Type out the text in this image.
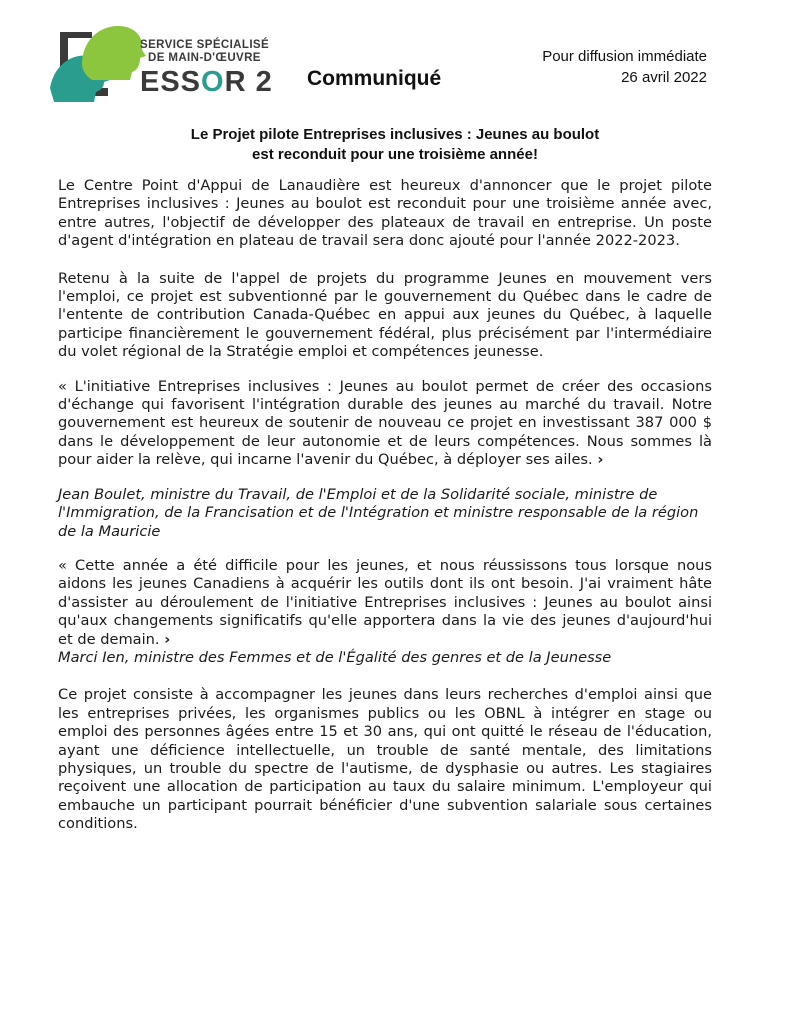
SERVICE SPÉCIALISÉ
DE MAIN-D'ŒUVRE
ESSOR 2 Communiqué
Pour diffusion immédiate
26 avril 2022
Le Projet pilote Entreprises inclusives : Jeunes au boulot
est reconduit pour une troisième année!

Le Centre Point d'Appui de Lanaudière est heureux d'annoncer que le projet pilote Entreprises inclusives : Jeunes au boulot est reconduit pour une troisième année avec, entre autres, l'objectif de développer des plateaux de travail en entreprise. Un poste d'agent d'intégration en plateau de travail sera donc ajouté pour l'année 2022-2023.

Retenu à la suite de l'appel de projets du programme Jeunes en mouvement vers l'emploi, ce projet est subventionné par le gouvernement du Québec dans le cadre de l'entente de contribution Canada-Québec en appui aux jeunes du Québec, à laquelle participe financièrement le gouvernement fédéral, plus précisément par l'intermédiaire du volet régional de la Stratégie emploi et compétences jeunesse.

« L'initiative Entreprises inclusives : Jeunes au boulot permet de créer des occasions d'échange qui favorisent l'intégration durable des jeunes au marché du travail. Notre gouvernement est heureux de soutenir de nouveau ce projet en investissant 387 000 $ dans le développement de leur autonomie et de leurs compétences. Nous sommes là pour aider la relève, qui incarne l'avenir du Québec, à déployer ses ailes. ›

Jean Boulet, ministre du Travail, de l'Emploi et de la Solidarité sociale, ministre de l'Immigration, de la Francisation et de l'Intégration et ministre responsable de la région de la Mauricie

« Cette année a été difficile pour les jeunes, et nous réussissons tous lorsque nous aidons les jeunes Canadiens à acquérir les outils dont ils ont besoin. J'ai vraiment hâte d'assister au déroulement de l'initiative Entreprises inclusives : Jeunes au boulot ainsi qu'aux changements significatifs qu'elle apportera dans la vie des jeunes d'aujourd'hui et de demain. ›

Marci Ien, ministre des Femmes et de l'Égalité des genres et de la Jeunesse

Ce projet consiste à accompagner les jeunes dans leurs recherches d'emploi ainsi que les entreprises privées, les organismes publics ou les OBNL à intégrer en stage ou emploi des personnes âgées entre 15 et 30 ans, qui ont quitté le réseau de l'éducation, ayant une déficience intellectuelle, un trouble de santé mentale, des limitations physiques, un trouble du spectre de l'autisme, de dysphasie ou autres. Les stagiaires reçoivent une allocation de participation au taux du salaire minimum. L'employeur qui embauche un participant pourrait bénéficier d'une subvention salariale sous certaines conditions.
